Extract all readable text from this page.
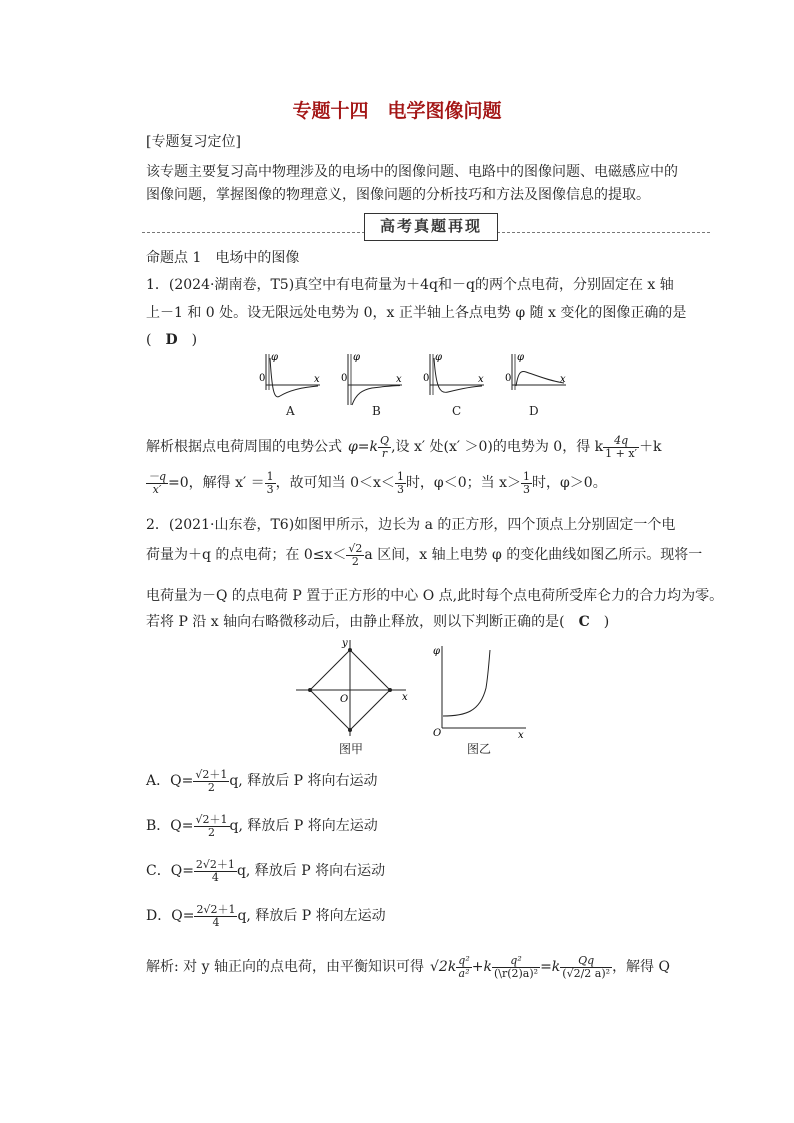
专题十四　电学图像问题
[专题复习定位]
该专题主要复习高中物理涉及的电场中的图像问题、电路中的图像问题、电磁感应中的
图像问题，掌握图像的物理意义，图像问题的分析技巧和方法及图像信息的提取。
高考真题再现
命题点 1　电场中的图像
1．(2024·湖南卷，T5)真空中有电荷量为＋4q和－q的两个点电荷，分别固定在 x 轴
上－1 和 0 处。设无限远处电势为 0，x 正半轴上各点电势 φ 随 x 变化的图像正确的是
(　D　)
0
φ
x 0
φ
x 0
φ
x 0
φ
x
A	B	C	D
解析根据点电荷周围的电势公式 $\varphi=k \frac{Q}{r}$ ,设 x′ 处(x′ ＞0)的电势为 0，得 k $\frac{4q}{1 + x'} +k$
$\frac{-q}{x'} =0$，解得 $x' = \frac{1}{3}$ ，故可知当 $0<x< \frac{1}{3}$ 时，φ＜0；当 $x> \frac{1}{3}$ 时，φ＞0。
2．(2021·山东卷，T6)如图甲所示，边长为 a 的正方形，四个顶点上分别固定一个电
荷量为＋q 的点电荷；在 $0\le x< \frac{√2}{2}$ a 区间，x 轴上电势 φ 的变化曲线如图乙所示。现将一
电荷量为－Q 的点电荷 P 置于正方形的中心 O 点,此时每个点电荷所受库仑力的合力均为零。
若将 P 沿 x 轴向右略微移动后，由静止释放，则以下判断正确的是(　C　)
y
x
O
φ
O	x
图甲	图乙
A．$Q= \frac{√2+1}{2} q$, 释放后 P 将向右运动
B．$Q= \frac{√2+1}{2} q$, 释放后 P 将向左运动
C．$Q= \frac{2√2+1}{4} q$, 释放后 P 将向右运动
D．$Q= \frac{2√2+1}{4} q$, 释放后 P 将向左运动
解析: 对 y 轴正向的点电荷，由平衡知识可得 $√2k \frac{\text{q²}}{\text{a²}} +k \frac{\text{q²}}{\text{(\textbackslash{}r(2)a)²}} =k \frac{Qq}{\text{(√2/2 a)²}}$ ，解得 Q
